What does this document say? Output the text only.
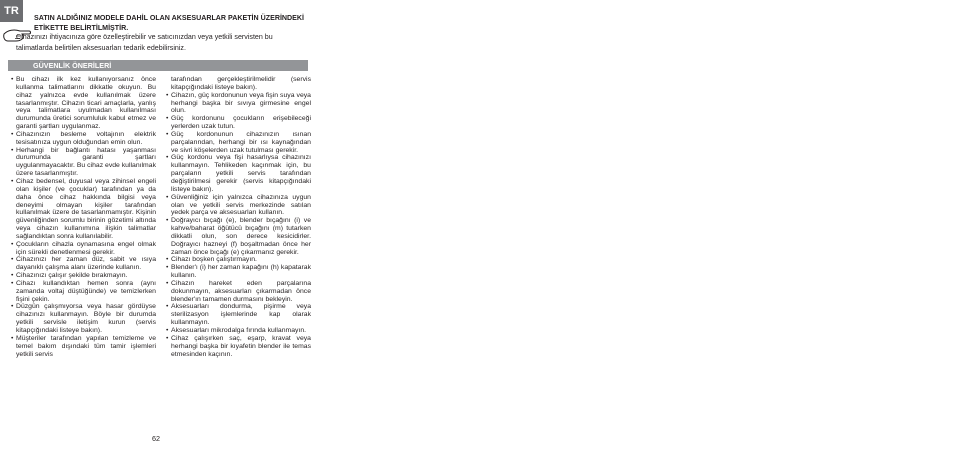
TR
SATIN ALDIĞINIZ MODELE DAHİL OLAN AKSESUARLAR PAKETİN ÜZERİNDEKİ ETİKETTE BELİRTİLMİŞTİR.
Cihazınızı ihtiyacınıza göre özelleştirebilir ve satıcınızdan veya yetkili servisten bu talimatlarda belirtilen aksesuarları tedarik edebilirsiniz.
GÜVENLİK ÖNERİLERİ
• Bu cihazı ilk kez kullanıyorsanız önce kullanma talimatlarını dikkatle okuyun. Bu cihaz yalnızca evde kullanılmak üzere tasarlanmıştır. Cihazın ticari amaçlarla, yanlış veya talimatlara uyulmadan kullanılması durumunda üretici sorumluluk kabul etmez ve garanti şartları uygulanmaz.
• Cihazınızın besleme voltajının elektrik tesisatınıza uygun olduğundan emin olun.
• Herhangi bir bağlantı hatası yaşanması durumunda garanti şartları uygulanmayacaktır. Bu cihaz evde kullanılmak üzere tasarlanmıştır.
• Cihaz bedensel, duyusal veya zihinsel engeli olan kişiler (ve çocuklar) tarafından ya da daha önce cihaz hakkında bilgisi veya deneyimi olmayan kişiler tarafından kullanılmak üzere de tasarlanmamıştır. Kişinin güvenliğinden sorumlu birinin gözetimi altında veya cihazın kullanımına ilişkin talimatlar sağlandıktan sonra kullanılabilir.
• Çocukların cihazla oynamasına engel olmak için sürekli denetlenmesi gerekir.
• Cihazınızı her zaman düz, sabit ve ısıya dayanıklı çalışma alanı üzerinde kullanın.
• Cihazınızı çalışır şekilde bırakmayın.
• Cihazı kullandıktan hemen sonra (aynı zamanda voltaj düştüğünde) ve temizlerken fişini çekin.
• Düzgün çalışmıyorsa veya hasar gördüyse cihazınızı kullanmayın. Böyle bir durumda yetkili servisle iletişim kurun (servis kitapçığındaki listeye bakın).
• Müşteriler tarafından yapılan temizleme ve temel bakım dışındaki tüm tamir işlemleri yetkili servis
tarafından gerçekleştirilmelidir (servis kitapçığındaki listeye bakın).
• Cihazın, güç kordonunun veya fişin suya veya herhangi başka bir sıvıya girmesine engel olun.
• Güç kordonunu çocukların erişebileceği yerlerden uzak tutun.
• Güç kordonunun cihazınızın ısınan parçalarından, herhangi bir ısı kaynağından ve sivri köşelerden uzak tutulması gerekir.
• Güç kordonu veya fişi hasarlıysa cihazınızı kullanmayın. Tehlikeden kaçınmak için, bu parçaların yetkili servis tarafından değiştirilmesi gerekir (servis kitapçığındaki listeye bakın).
• Güvenliğiniz için yalnızca cihazınıza uygun olan ve yetkili servis merkezinde satılan yedek parça ve aksesuarları kullanın.
• Doğrayıcı bıçağı (e), blender bıçağını (i) ve kahve/baharat öğütücü bıçağını (m) tutarken dikkatli olun, son derece kesicidirler. Doğrayıcı hazneyi (f) boşaltmadan önce her zaman önce bıçağı (e) çıkarmanız gerekir.
• Cihazı boşken çalıştırmayın.
• Blender'ı (i) her zaman kapağını (h) kapatarak kullanın.
• Cihazın hareket eden parçalarına dokunmayın, aksesuarları çıkarmadan önce blender'ın tamamen durmasını bekleyin.
• Aksesuarları dondurma, pişirme veya sterilizasyon işlemlerinde kap olarak kullanmayın.
• Aksesuarları mikrodalga fırında kullanmayın.
• Cihaz çalışırken saç, eşarp, kravat veya herhangi başka bir kıyafetin blender ile temas etmesinden kaçının.
62
